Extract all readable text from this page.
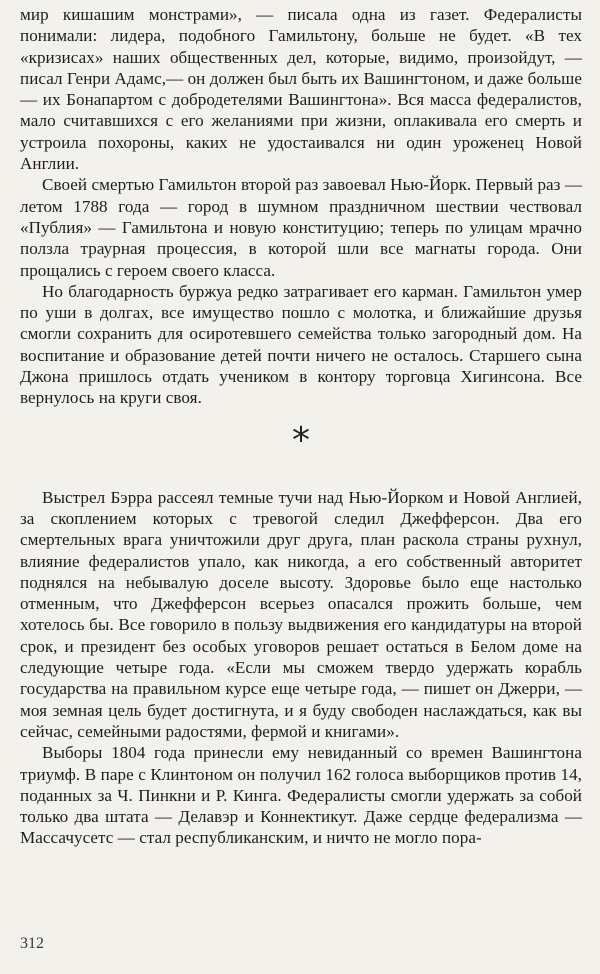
мир кишашим монстрами», — писала одна из газет. Федералисты понимали: лидера, подобного Гамильтону, больше не будет. «В тех «кризисах» наших общественных дел, которые, видимо, произойдут, — писал Генри Адамс,— он должен был быть их Вашингтоном, и даже больше — их Бонапартом с добродетелями Вашингтона». Вся масса федералистов, мало считавшихся с его желаниями при жизни, оплакивала его смерть и устроила похороны, каких не удостаивался ни один уроженец Новой Англии.

Своей смертью Гамильтон второй раз завоевал Нью-Йорк. Первый раз — летом 1788 года — город в шумном праздничном шествии чествовал «Публия» — Гамильтона и новую конституцию; теперь по улицам мрачно ползла траурная процессия, в которой шли все магнаты города. Они прощались с героем своего класса.

Но благодарность буржуа редко затрагивает его карман. Гамильтон умер по уши в долгах, все имущество пошло с молотка, и ближайшие друзья смогли сохранить для осиротевшего семейства только загородный дом. На воспитание и образование детей почти ничего не осталось. Старшего сына Джона пришлось отдать учеником в контору торговца Хигинсона. Все вернулось на круги своя.

*

Выстрел Бэрра рассеял темные тучи над Нью-Йорком и Новой Англией, за скоплением которых с тревогой следил Джефферсон. Два его смертельных врага уничтожили друг друга, план раскола страны рухнул, влияние федералистов упало, как никогда, а его собственный авторитет поднялся на небывалую доселе высоту. Здоровье было еще настолько отменным, что Джефферсон всерьез опасался прожить больше, чем хотелось бы. Все говорило в пользу выдвижения его кандидатуры на второй срок, и президент без особых уговоров решает остаться в Белом доме на следующие четыре года. «Если мы сможем твердо удержать корабль государства на правильном курсе еще четыре года, — пишет он Джерри, — моя земная цель будет достигнута, и я буду свободен наслаждаться, как вы сейчас, семейными радостями, фермой и книгами».

Выборы 1804 года принесли ему невиданный со времен Вашингтона триумф. В паре с Клинтоном он получил 162 голоса выборщиков против 14, поданных за Ч. Пинкни и Р. Кинга. Федералисты смогли удержать за собой только два штата — Делавэр и Коннектикут. Даже сердце федерализма — Массачусетс — стал республиканским, и ничто не могло пора-

312
